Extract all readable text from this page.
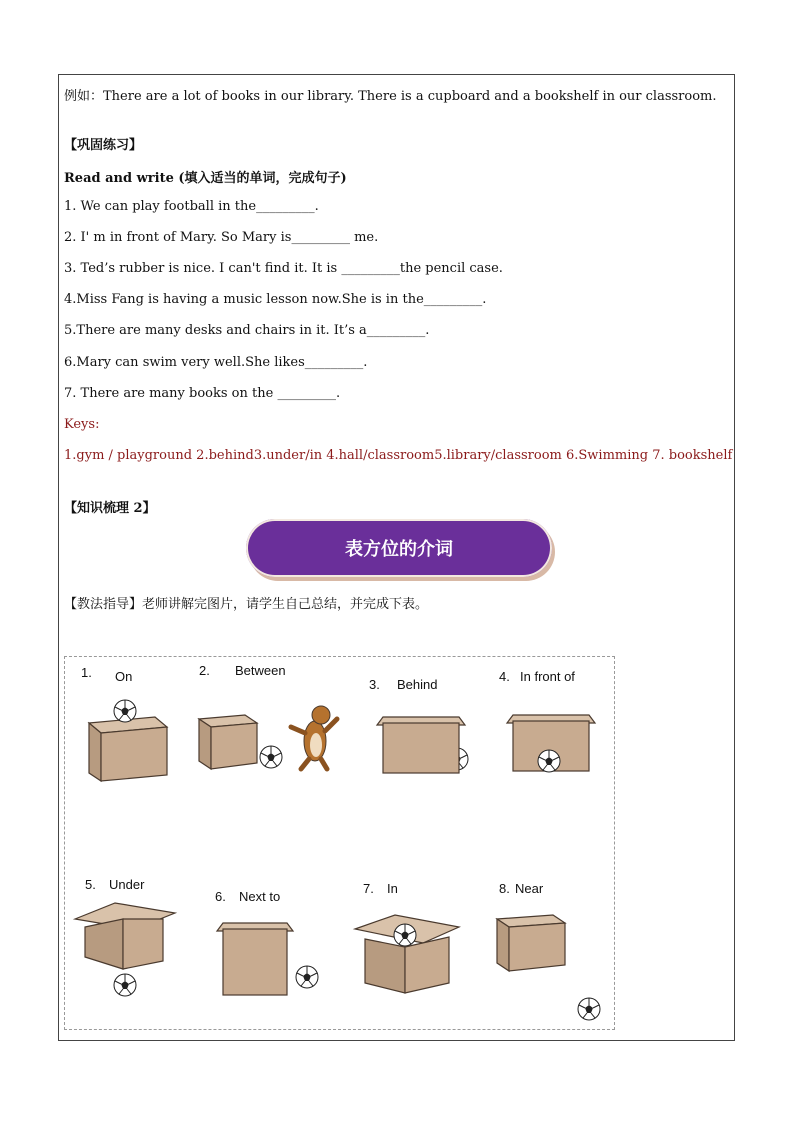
例如：There are a lot of books in our library. There is a cupboard and a bookshelf in our classroom.
【巩固练习】
Read and write (填入适当的单词，完成句子)
1. We can play football in the_________.
2. I' m in front of Mary. So Mary is_________ me.
3. Ted’s rubber is nice. I can't find it. It is _________the pencil case.
4.Miss Fang is having a music lesson now.She is in the_________.
5.There are many desks and chairs in it. It’s a_________.
6.Mary can swim very well.She likes_________.
7. There are many books on the _________.
Keys:
1.gym / playground 2.behind3.under/in 4.hall/classroom5.library/classroom 6.Swimming 7. bookshelf
【知识梳理 2】
表方位的介词
【教法指导】老师讲解完图片，请学生自己总结，并完成下表。
1. On	2. Between
3. Behind
4. In front of
5. Under
6. Next to
7. In	8. Near
